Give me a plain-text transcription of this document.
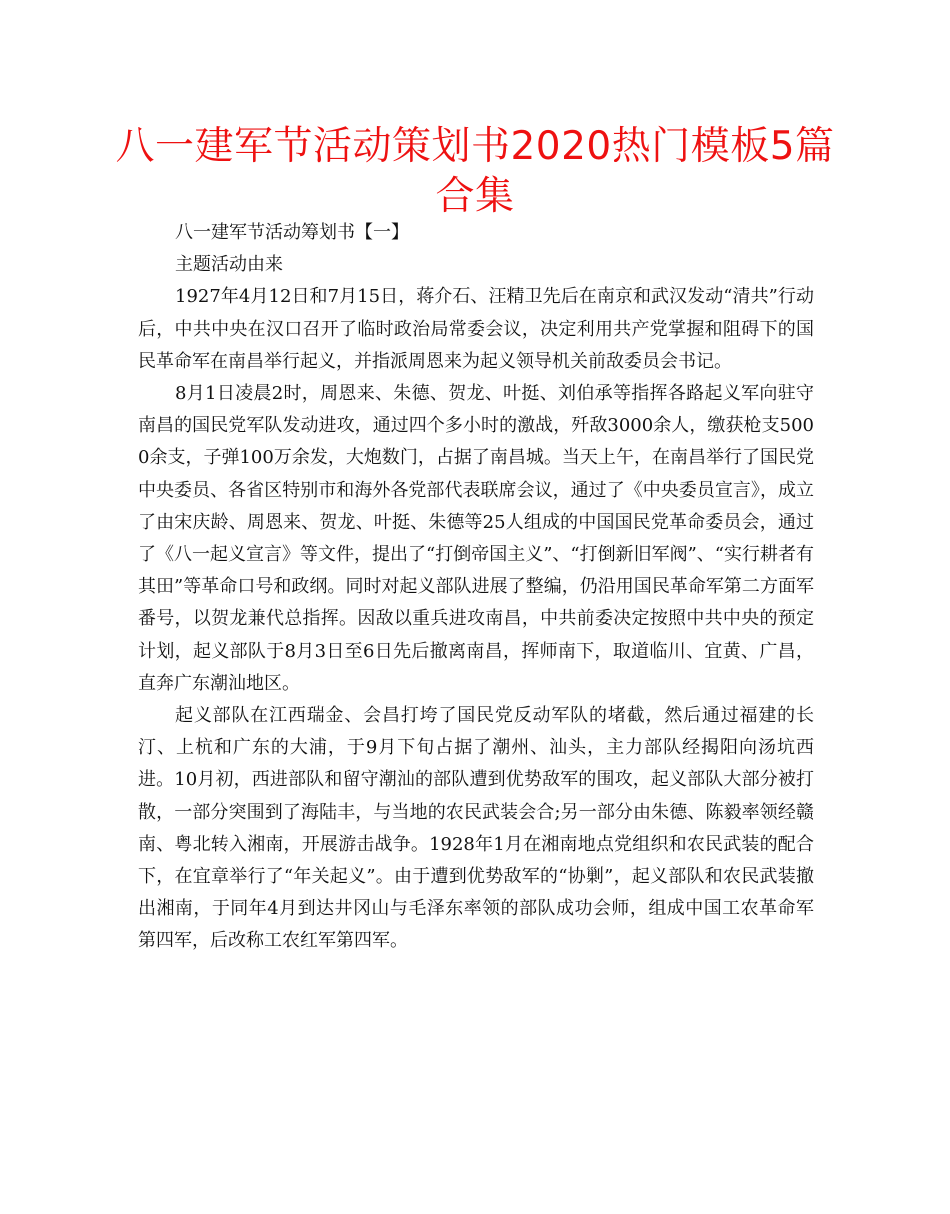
八一建军节活动策划书2020热门模板5篇合集

八一建军节活动筹划书【一】

主题活动由来

1927年4月12日和7月15日，蒋介石、汪精卫先后在南京和武汉发动“清共”行动后，中共中央在汉口召开了临时政治局常委会议，决定利用共产党掌握和阻碍下的国民革命军在南昌举行起义，并指派周恩来为起义领导机关前敌委员会书记。

8月1日凌晨2时，周恩来、朱德、贺龙、叶挺、刘伯承等指挥各路起义军向驻守南昌的国民党军队发动进攻，通过四个多小时的激战，歼敌3000余人，缴获枪支5000余支，子弹100万余发，大炮数门，占据了南昌城。当天上午，在南昌举行了国民党中央委员、各省区特别市和海外各党部代表联席会议，通过了《中央委员宣言》，成立了由宋庆龄、周恩来、贺龙、叶挺、朱德等25人组成的中国国民党革命委员会，通过了《八一起义宣言》等文件，提出了“打倒帝国主义”、“打倒新旧军阀”、“实行耕者有其田”等革命口号和政纲。同时对起义部队进展了整编，仍沿用国民革命军第二方面军番号，以贺龙兼代总指挥。因敌以重兵进攻南昌，中共前委决定按照中共中央的预定计划，起义部队于8月3日至6日先后撤离南昌，挥师南下，取道临川、宜黄、广昌，直奔广东潮汕地区。

起义部队在江西瑞金、会昌打垮了国民党反动军队的堵截，然后通过福建的长汀、上杭和广东的大浦，于9月下旬占据了潮州、汕头，主力部队经揭阳向汤坑西进。10月初，西进部队和留守潮汕的部队遭到优势敌军的围攻，起义部队大部分被打散，一部分突围到了海陆丰，与当地的农民武装会合;另一部分由朱德、陈毅率领经赣南、粤北转入湘南，开展游击战争。1928年1月在湘南地点党组织和农民武装的配合下，在宜章举行了“年关起义”。由于遭到优势敌军的“协剿”，起义部队和农民武装撤出湘南，于同年4月到达井冈山与毛泽东率领的部队成功会师，组成中国工农革命军第四军，后改称工农红军第四军。
